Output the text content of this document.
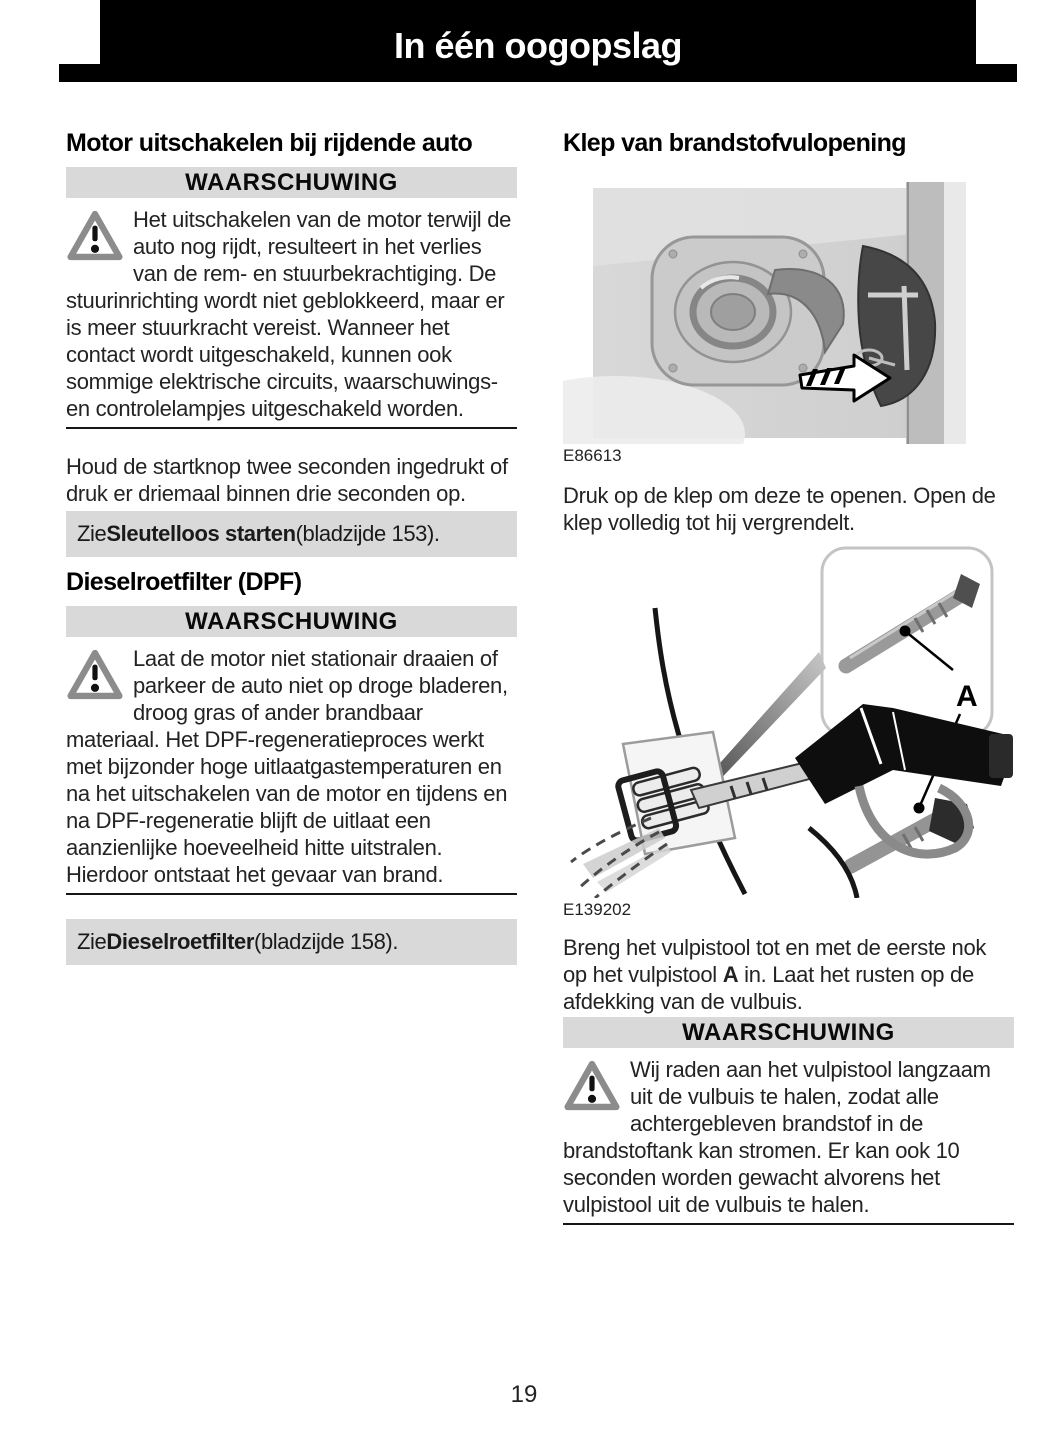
In één oogopslag
Motor uitschakelen bij rijdende auto
WAARSCHUWING
Het uitschakelen van de motor terwijl de auto nog rijdt, resulteert in het verlies van de rem- en stuurbekrachtiging. De stuurinrichting wordt niet geblokkeerd, maar er is meer stuurkracht vereist. Wanneer het contact wordt uitgeschakeld, kunnen ook sommige elektrische circuits, waarschuwings- en controlelampjes uitgeschakeld worden.

Houd de startknop twee seconden ingedrukt of druk er driemaal binnen drie seconden op.

Zie Sleutelloos starten (bladzijde 153).
Dieselroetfilter (DPF)
WAARSCHUWING
Laat de motor niet stationair draaien of parkeer de auto niet op droge bladeren, droog gras of ander brandbaar materiaal. Het DPF-regeneratieproces werkt met bijzonder hoge uitlaatgastemperaturen en na het uitschakelen van de motor en tijdens en na DPF-regeneratie blijft de uitlaat een aanzienlijke hoeveelheid hitte uitstralen. Hierdoor ontstaat het gevaar van brand.
Zie Dieselroetfilter (bladzijde 158).
Klep van brandstofvulopening
E86613

Druk op de klep om deze te openen. Open de klep volledig tot hij vergrendelt.

A
E139202

Breng het vulpistool tot en met de eerste nok op het vulpistool A in. Laat het rusten op de afdekking van de vulbuis.

WAARSCHUWING
Wij raden aan het vulpistool langzaam uit de vulbuis te halen, zodat alle achtergebleven brandstof in de brandstoftank kan stromen. Er kan ook 10 seconden worden gewacht alvorens het vulpistool uit de vulbuis te halen.
19
